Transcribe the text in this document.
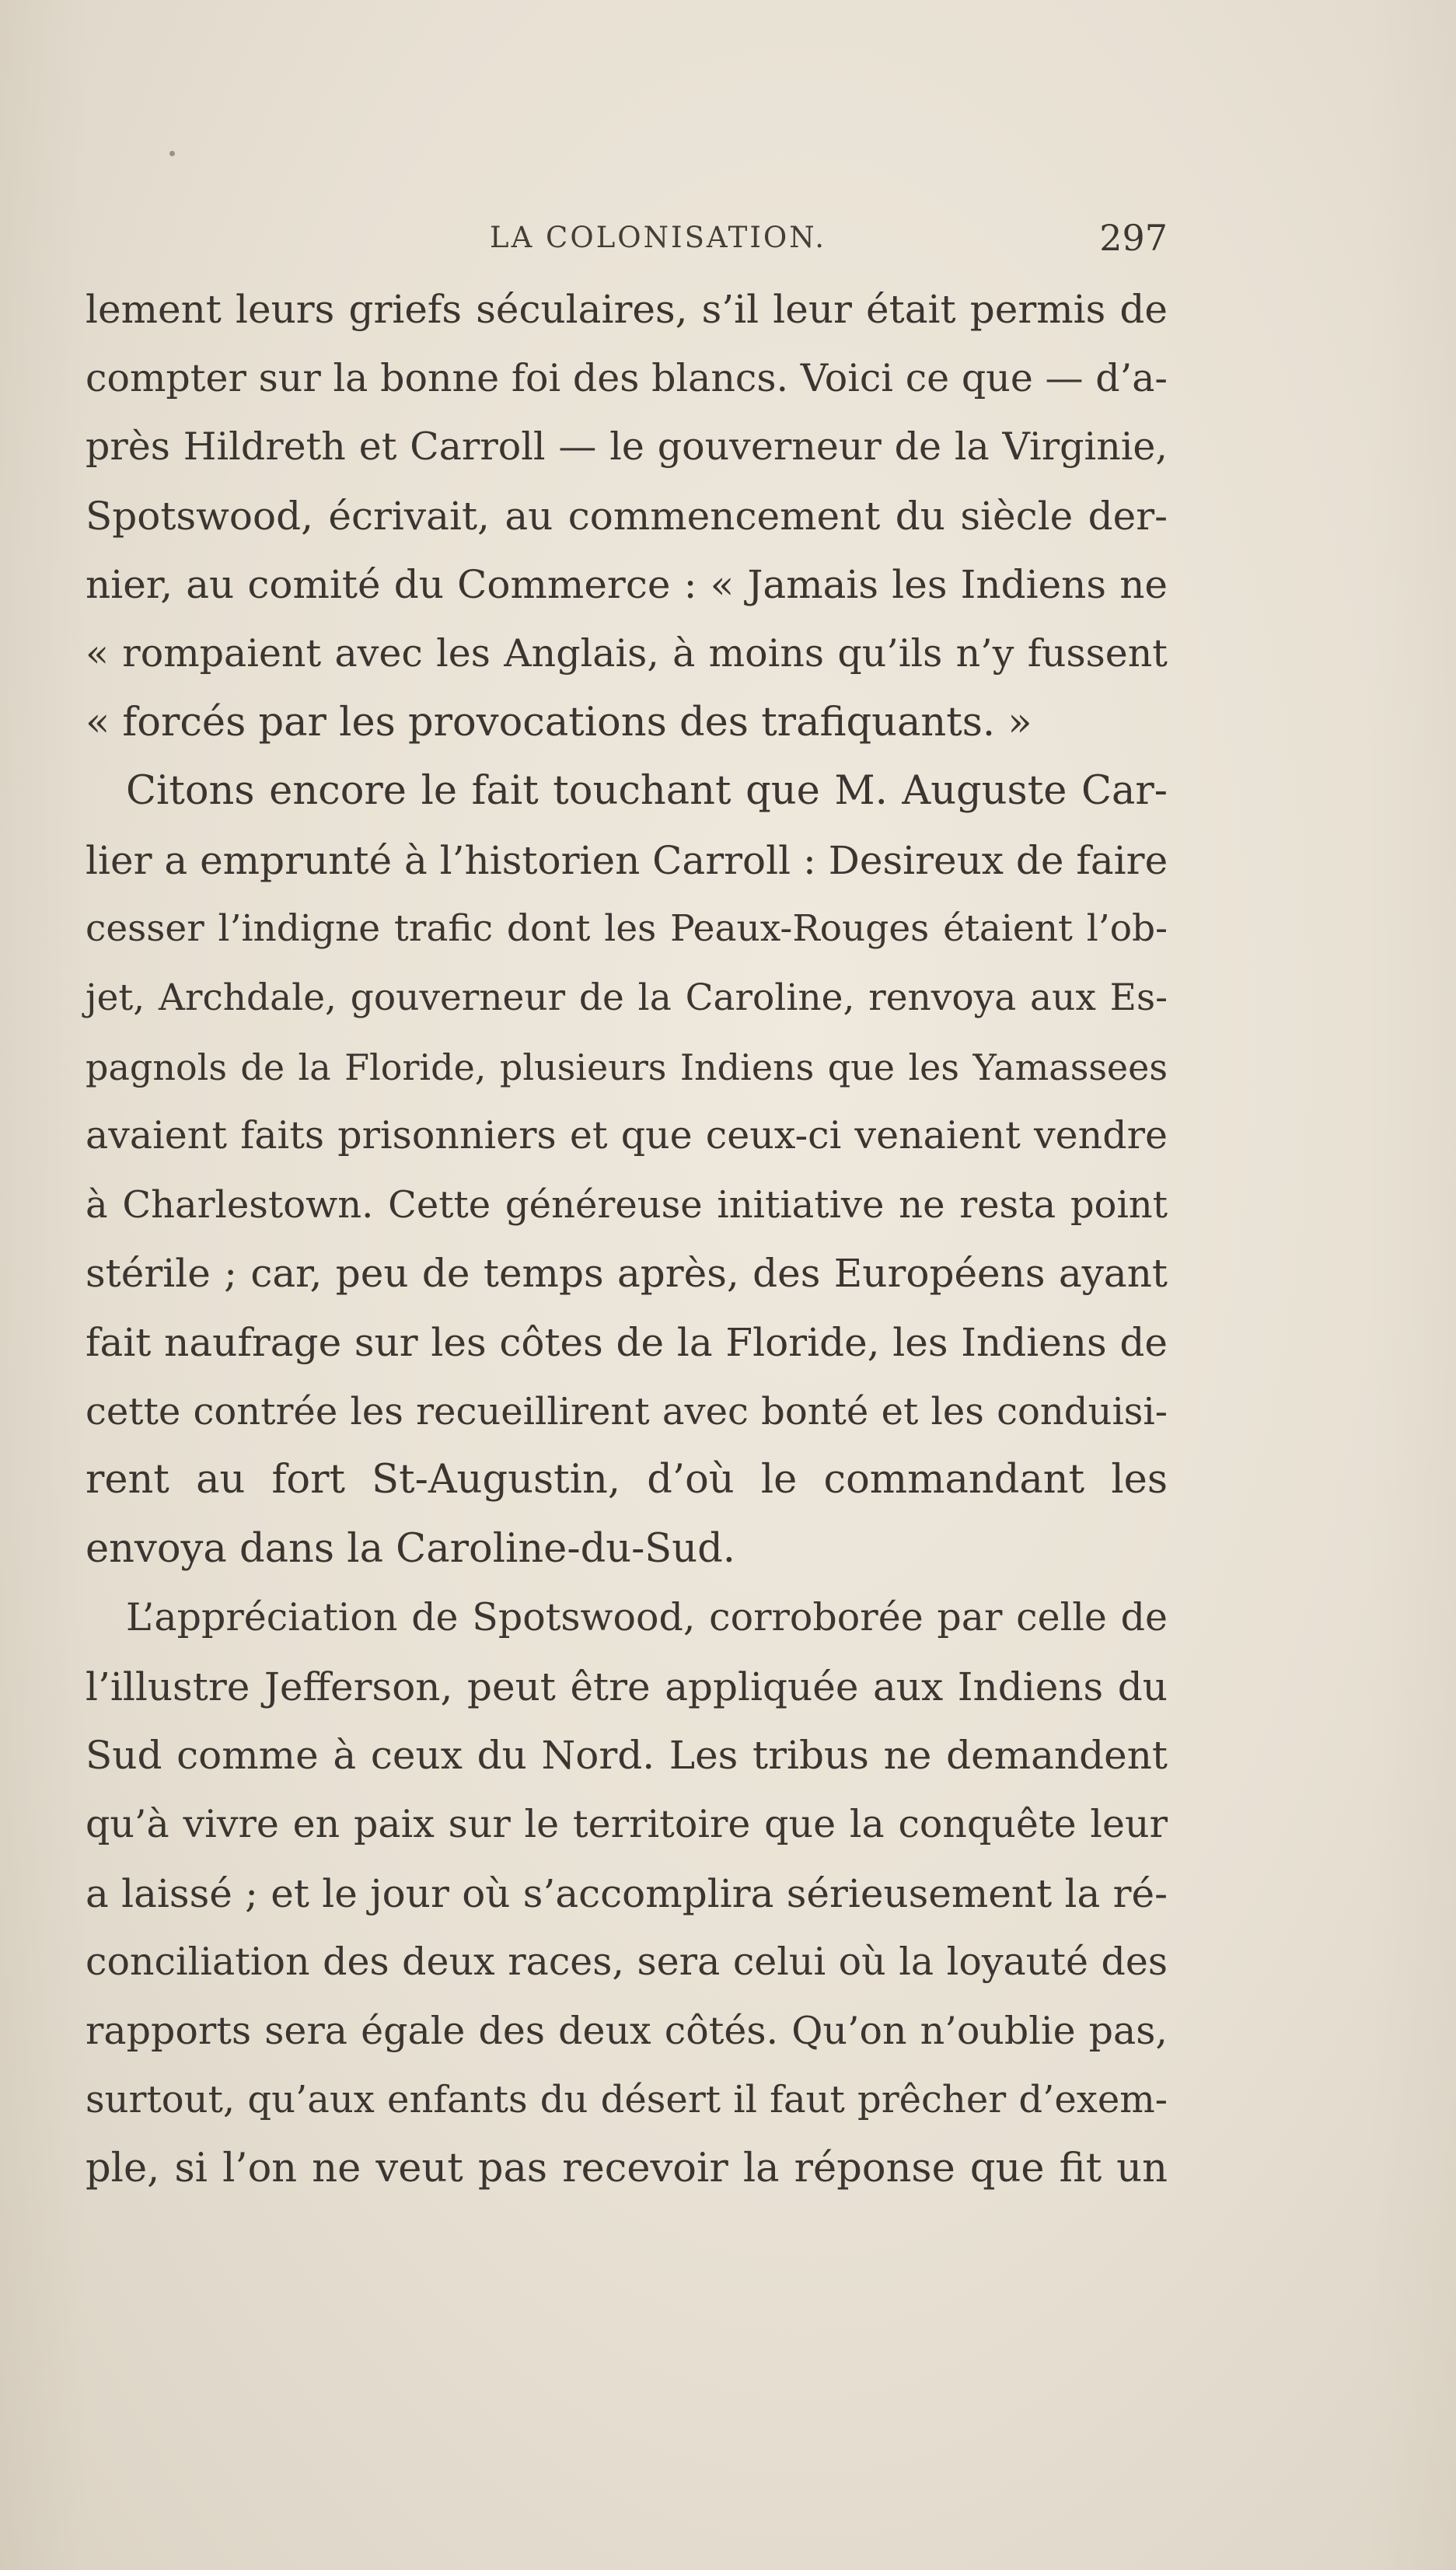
LA COLONISATION.	297
lement leurs griefs séculaires, s’il leur était permis de
compter sur la bonne foi des blancs. Voici ce que — d’a-
près Hildreth et Carroll — le gouverneur de la Virginie,
Spotswood, écrivait, au commencement du siècle der-
nier, au comité du Commerce : « Jamais les Indiens ne
« rompaient avec les Anglais, à moins qu’ils n’y fussent
« forcés par les provocations des trafiquants. »
Citons encore le fait touchant que M. Auguste Car-
lier a emprunté à l’historien Carroll : Desireux de faire
cesser l’indigne trafic dont les Peaux-Rouges étaient l’ob-
jet, Archdale, gouverneur de la Caroline, renvoya aux Es-
pagnols de la Floride, plusieurs Indiens que les Yamassees
avaient faits prisonniers et que ceux-ci venaient vendre
à Charlestown. Cette généreuse initiative ne resta point
stérile ; car, peu de temps après, des Européens ayant
fait naufrage sur les côtes de la Floride, les Indiens de
cette contrée les recueillirent avec bonté et les conduisi-
rent au fort St-Augustin, d’où le commandant les
envoya dans la Caroline-du-Sud.
L’appréciation de Spotswood, corroborée par celle de
l’illustre Jefferson, peut être appliquée aux Indiens du
Sud comme à ceux du Nord. Les tribus ne demandent
qu’à vivre en paix sur le territoire que la conquête leur
a laissé ; et le jour où s’accomplira sérieusement la ré-
conciliation des deux races, sera celui où la loyauté des
rapports sera égale des deux côtés. Qu’on n’oublie pas,
surtout, qu’aux enfants du désert il faut prêcher d’exem-
ple, si l’on ne veut pas recevoir la réponse que fit un
